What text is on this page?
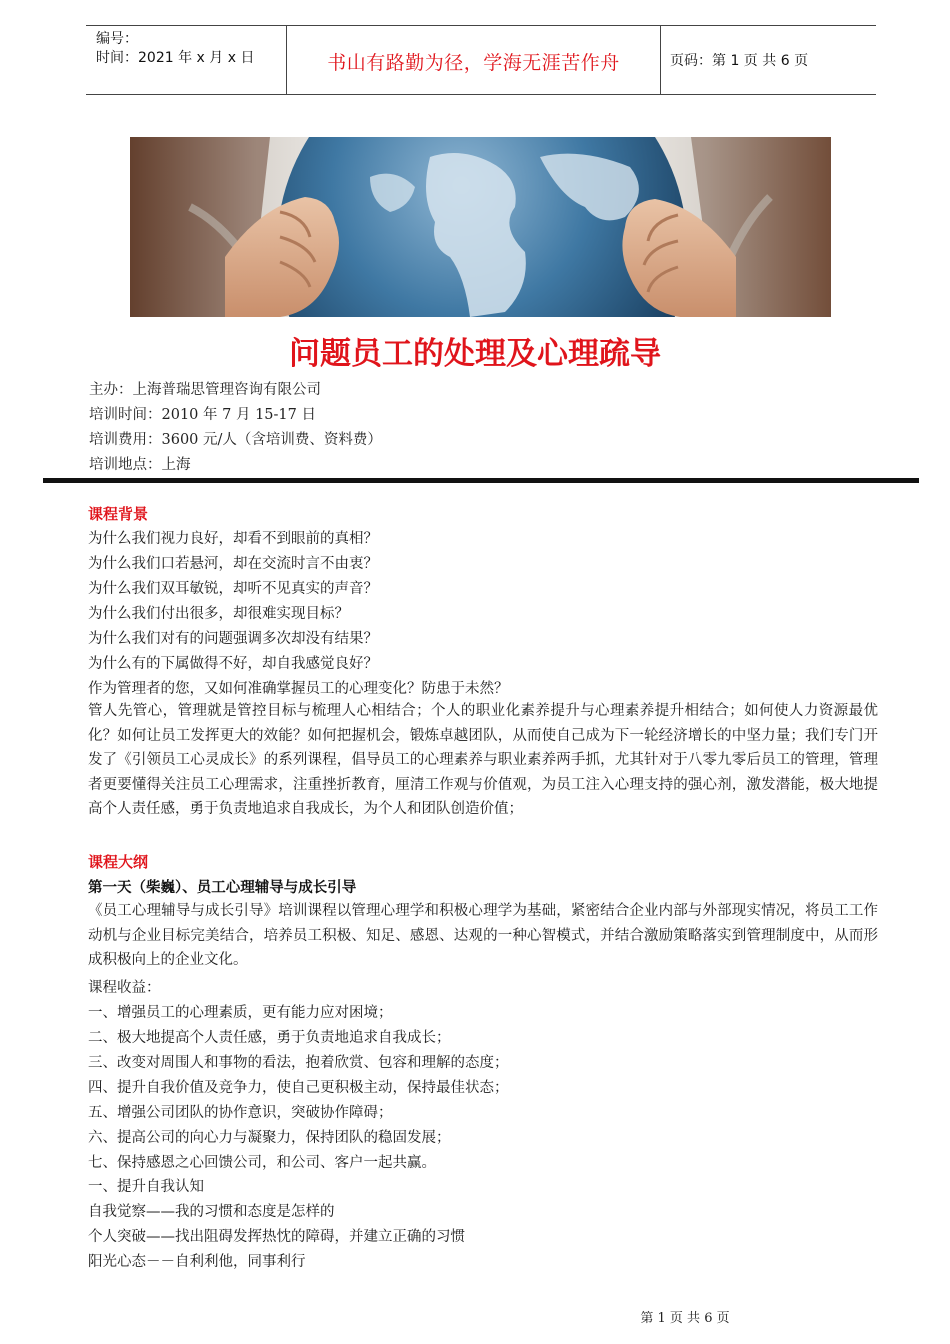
编号：
时间：2021 年 x 月 x 日	书山有路勤为径，学海无涯苦作舟	页码：第 1 页 共 6 页
问题员工的处理及心理疏导
主办：上海普瑞思管理咨询有限公司
培训时间：2010 年 7 月 15-17 日
培训费用：3600 元/人（含培训费、资料费）
培训地点：上海
课程背景
为什么我们视力良好，却看不到眼前的真相？
为什么我们口若悬河，却在交流时言不由衷？
为什么我们双耳敏锐，却听不见真实的声音？
为什么我们付出很多，却很难实现目标？
为什么我们对有的问题强调多次却没有结果？
为什么有的下属做得不好，却自我感觉良好？
作为管理者的您，又如何准确掌握员工的心理变化？防患于未然？
管人先管心，管理就是管控目标与梳理人心相结合；个人的职业化素养提升与心理素养提升相结合；如何使人力资源最优化？如何让员工发挥更大的效能？如何把握机会，锻炼卓越团队，从而使自己成为下一轮经济增长的中坚力量；我们专门开发了《引领员工心灵成长》的系列课程，倡导员工的心理素养与职业素养两手抓，尤其针对于八零九零后员工的管理，管理者更要懂得关注员工心理需求，注重挫折教育，厘清工作观与价值观，为员工注入心理支持的强心剂，激发潜能，极大地提高个人责任感，勇于负责地追求自我成长，为个人和团队创造价值；
课程大纲
第一天（柴巍）、员工心理辅导与成长引导
《员工心理辅导与成长引导》培训课程以管理心理学和积极心理学为基础，紧密结合企业内部与外部现实情况，将员工工作动机与企业目标完美结合，培养员工积极、知足、感恩、达观的一种心智模式，并结合激励策略落实到管理制度中，从而形成积极向上的企业文化。
课程收益：
一、增强员工的心理素质，更有能力应对困境；
二、极大地提高个人责任感，勇于负责地追求自我成长；
三、改变对周围人和事物的看法，抱着欣赏、包容和理解的态度；
四、提升自我价值及竞争力，使自己更积极主动，保持最佳状态；
五、增强公司团队的协作意识，突破协作障碍；
六、提高公司的向心力与凝聚力，保持团队的稳固发展；
七、保持感恩之心回馈公司，和公司、客户一起共赢。
一、提升自我认知
自我觉察——我的习惯和态度是怎样的
个人突破——找出阻碍发挥热忱的障碍，并建立正确的习惯
阳光心态－－自利利他，同事利行
第 1 页 共 6 页
